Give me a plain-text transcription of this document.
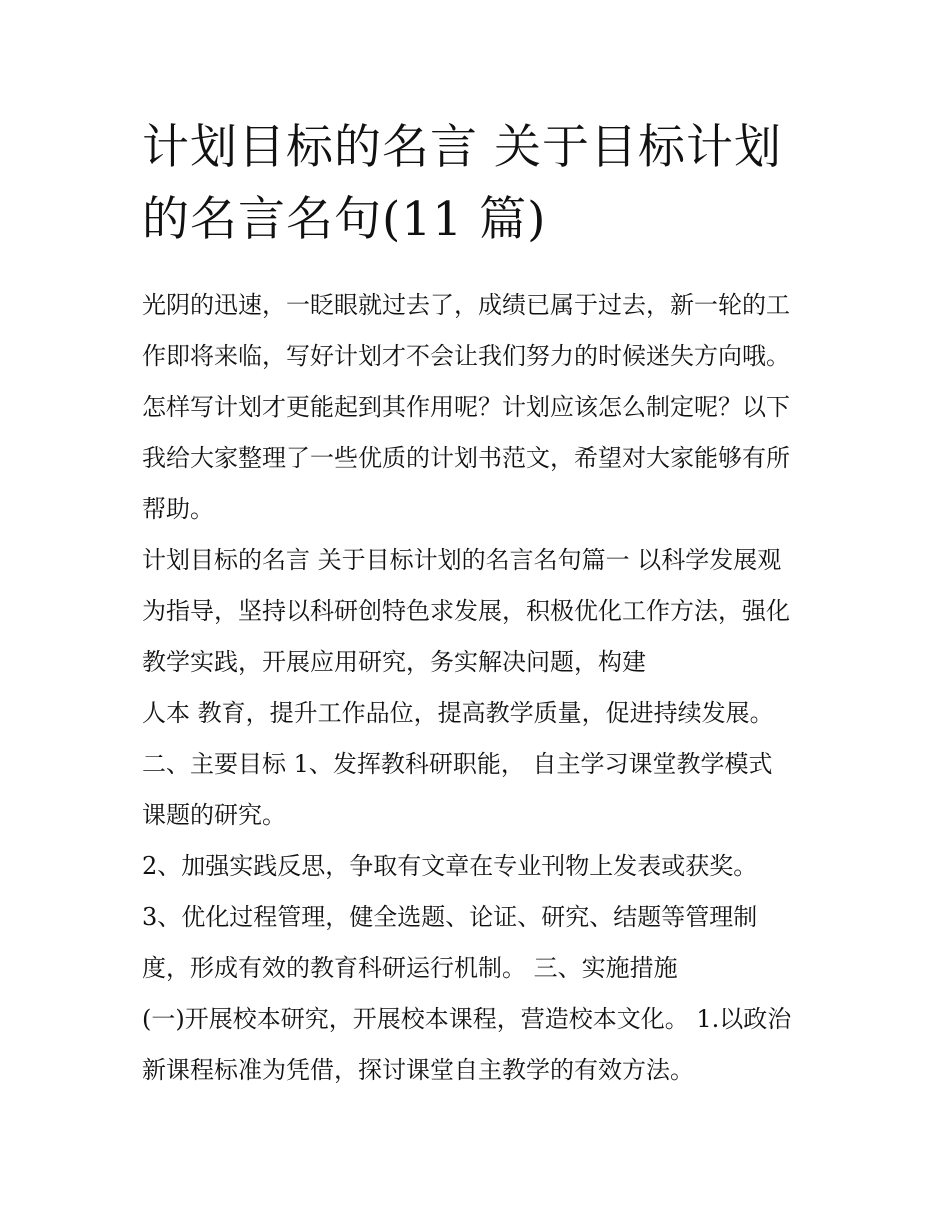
计划目标的名言 关于目标计划
的名言名句(11 篇)
光阴的迅速，一眨眼就过去了，成绩已属于过去，新一轮的工
作即将来临，写好计划才不会让我们努力的时候迷失方向哦。
怎样写计划才更能起到其作用呢？计划应该怎么制定呢？以下
我给大家整理了一些优质的计划书范文，希望对大家能够有所
帮助。
计划目标的名言 关于目标计划的名言名句篇一 以科学发展观
为指导，坚持以科研创特色求发展，积极优化工作方法，强化
教学实践，开展应用研究，务实解决问题，构建
人本 教育，提升工作品位，提高教学质量，促进持续发展。
二、主要目标 1、发挥教科研职能， 自主学习课堂教学模式
课题的研究。
2、加强实践反思，争取有文章在专业刊物上发表或获奖。
3、优化过程管理，健全选题、论证、研究、结题等管理制
度，形成有效的教育科研运行机制。 三、实施措施
(一)开展校本研究，开展校本课程，营造校本文化。 1.以政治
新课程标准为凭借，探讨课堂自主教学的有效方法。
